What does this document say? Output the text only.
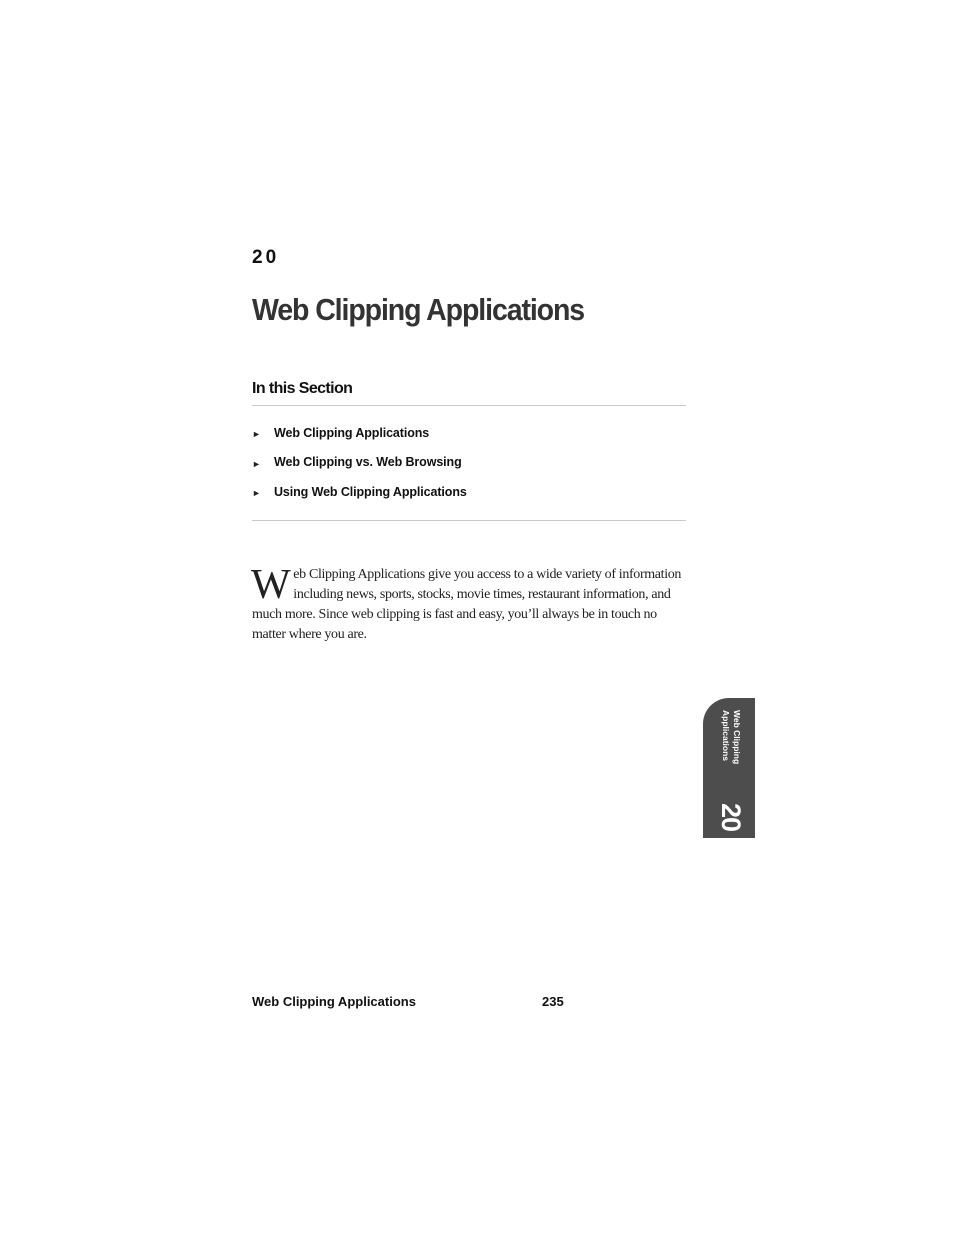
20
Web Clipping Applications
In this Section
►	Web Clipping Applications
►	Web Clipping vs. Web Browsing
►	Using Web Clipping Applications

Web Clipping Applications give you access to a wide variety of information including news, sports, stocks, movie times, restaurant information, and much more. Since web clipping is fast and easy, you’ll always be in touch no matter where you are.

Web Clipping
Applications
20
Web Clipping Applications	235
